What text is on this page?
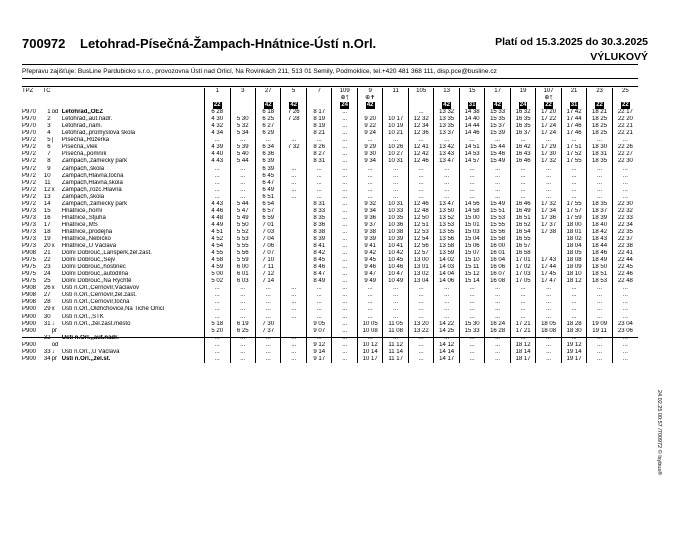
700972 Letohrad-Písečná-Žampach-Hnátnice-Ústí n.Orl.	Platí od 15.3.2025 do 30.3.2025
VÝLUKOVÝ
Přepravu zajišťuje: BusLine Pardubicko s.r.o., provozovna Ústí nad Orlicí, Na Rovinkách 211, 513 01 Semily, Podmoklice, tel.+420 481 368 111, disp.pce@busline.cz
TPZ	TČ			1	3	27	5	7	109	9	11	105	13	15	17	19	107	21	23	25
									⊕†	⊕✝							⊕†			
				22		42	42		24	42			42	31	42	24	22	31	22	22
P970	1	od	Letohrad,,OEZ	6 28		6 18	7 26	8 17	...			...	13 32	14 38	15 33	16 32	17 20	17 42	18 21	22 17
P970	2		Letohrad,,aut.nádr.	4 30	5 30	6 25	7 28	8 19	...	9 20	10 17	12 32	13 35	14 40	15 35	16 35	17 22	17 44	18 25	22 20
P970	3		Letohrad,,nám.	4 32	5 32	6 27		8 19	...	9 22	10 19	12 34	13 35	14 44	15 37	16 35	17 24	17 46	18 25	22 21
P970	4		Letohrad,,průmyslová škola	4 34	5 34	6 29		8 21	...	9 24	10 21	12 36	13 37	14 46	15 39	16 37	17 24	17 46	18 25	22 21
P972	5	|	Písečná,,Růžerka	...	...	...	...	...	...	...	...	...	...	...	...	...	...	...	...	...
P972	6		Písečná,,vlek	4 39	5 39	6 34	7 32	8 26	...	9 29	10 26	12 41	13 42	14 51	15 44	16 42	17 29	17 51	18 30	22 26
P972	7		Písečná,,pomník	4 40	5 40	6 36		8 27	...	9 30	10 27	12 42	13 43	14 53	15 46	16 43	17 30	17 52	18 31	22 27
P972	8		Žampach,,zámecký park	4 43	5 44	6 39		8 31	...	9 34	10 31	12 46	13 47	14 57	15 49	16 46	17 32	17 55	18 35	22 30
P972	9		Žampach,,škola	...	...	6 39	...	...	...	...	...	...	...	...	...	...	...	...	...	...
P972	10		Žampach,Hlavná,točna	...	...	6 45	...	...	...	...	...	...	...	...	...	...	...	...	...	...
P972	11		Žampach,Hlavná,škola	...	...	6 47	...	...	...	...	...	...	...	...	...	...	...	...	...	...
P972	12	x	Žampach,,rozc.Hlavná	...	...	6 49	...	...	...	...	...	...	...	...	...	...	...	...	...	...
P972	13		Žampach,,škola	...	...	6 51	...	...	...	...	...	...	...	...	...	...	...	...	...	...
P972	14		Žampach,,zámecký park	4 43	5 44	6 54		8 31	...	9 32	10 31	12 46	13 47	14 56	15 49	16 46	17 32	17 55	18 35	22 30
P973	15		Hnátnice,,horní	4 46	5 47	6 57		8 33	...	9 34	10 33	12 48	13 50	14 58	15 51	16 49	17 34	17 57	18 37	22 32
P973	16		Hnátnice,,Stjuha	4 48	5 49	6 59		8 35	...	9 36	10 35	12 50	13 52	15 00	15 53	16 51	17 36	17 59	18 39	22 33
P973	17		Hnátnice,,MŠ	4 49	5 50	7 01		8 36	...	9 37	10 36	12 51	13 53	15 01	15 55	16 52	17 37	18 00	18 40	22 34
P973	18		Hnátnice,,prodejna	4 51	5 52	7 03		8 38	...	9 38	10 38	12 53	13 55	15 03	15 56	16 54	17 38	18 01	18 42	22 35
P973	19		Hnátnice,,Nebíčko	4 52	5 53	7 04		8 39	...	9 39	10 39	12 54	13 56	15 04	15 58	16 55		18 02	18 43	22 37
P973	20	x	Hnátnice,,U Václava	4 54	5 55	7 06		8 41	...	9 41	10 41	12 56	13 58	15 06	16 00	16 57		18 04	18 44	22 38
P908	21		Dolní Dobrouč,,Lanšperk,žel.zast.	4 55	5 56	7 07		8 42	...	9 42	10 42	12 57	13 59	15 07	16 01	16 58		18 05	18 46	22 41
P975	22		Dolní Dobrouč,,Sejv	4 58	5 59	7 10		8 45	...	9 45	10 45	13 00	14 02	15 10	16 04	17 01	17 43	18 08	18 49	22 44
P975	23		Dolní Dobrouč,,hostinec	4 59	6 00	7 11		8 46	...	9 46	10 46	13 01	14 03	15 11	16 06	17 02	17 44	18 09	18 50	22 45
P975	24		Dolní Dobrouč,,autodílna	5 00	6 01	7 12		8 47	...	9 47	10 47	13 02	14 04	15 12	16 07	17 03	17 45	18 10	18 51	22 46
P975	25		Dolní Dobrouč,,Na Rychtě	5 02	6 03	7 14		8 49	...	9 49	10 49	13 04	14 06	15 14	16 08	17 05	17 47	18 12	18 53	22 48
P908	26	x	Ústí n.Orl.,Černovír,Václavov	...	...	...	...	...	...	...	...	...	...	...	...	...	...	...	...	...
P908	27		Ústí n.Orl.,Černovír,žel.zast.	...	...	...	...	...	...	...	...	...	...	...	...	...	...	...	...	...
P908	28		Ústí n.Orl.,Černovír,točna	...	...	...	...	...	...	...	...	...	...	...	...	...	...	...	...	...
P900	29	x	Ústí n.Orl.,Oldřichovice,Na Tiché Orlici	...	...	...	...	...	...	...	...	...	...	...	...	...	...	...	...	...
P900	30		Ústí n.Orl.,,STK	...	...	...	...	...	...	...	...	...	...	...	...	...	...	...	...	...
P900	31	↓	Ústí n.Orl.,,žel.zast.město	5 18	6 19	7 30		9 05	...	10 05	11 05	13 20	14 22	15 30	16 24	17 21	18 05	18 28	19 09	23 04
P900		př		5 20	6 25	7 37		9 07	...	10 08	11 08	13 22	14 25	15 33	16 28	17 21	18 08	18 30	19 11	23 06
	32		Ústí n.Orl.,,aut.nádr.	...	...	...	...	...	...	...	...	...	...	...	...	...	...	...	...	...
P900		od		...	...	...	...	9 12	...	10 12	11 12	...	14 12	...	...	18 12	...	19 12	...	...
P900	33	↓	Ústí n.Orl.,,U Václava	...	...	...	...	9 14	...	10 14	11 14	...	14 14	...	...	18 14	...	19 14	...	...
P900	34	př	Ústí n.Orl.,,žel.st.	...	...	...	...	9 17	...	10 17	11 17	...	14 17	...	...	18 17	...	19 17	...	...
24.02.25 00:57 /700972 © Isybus®
